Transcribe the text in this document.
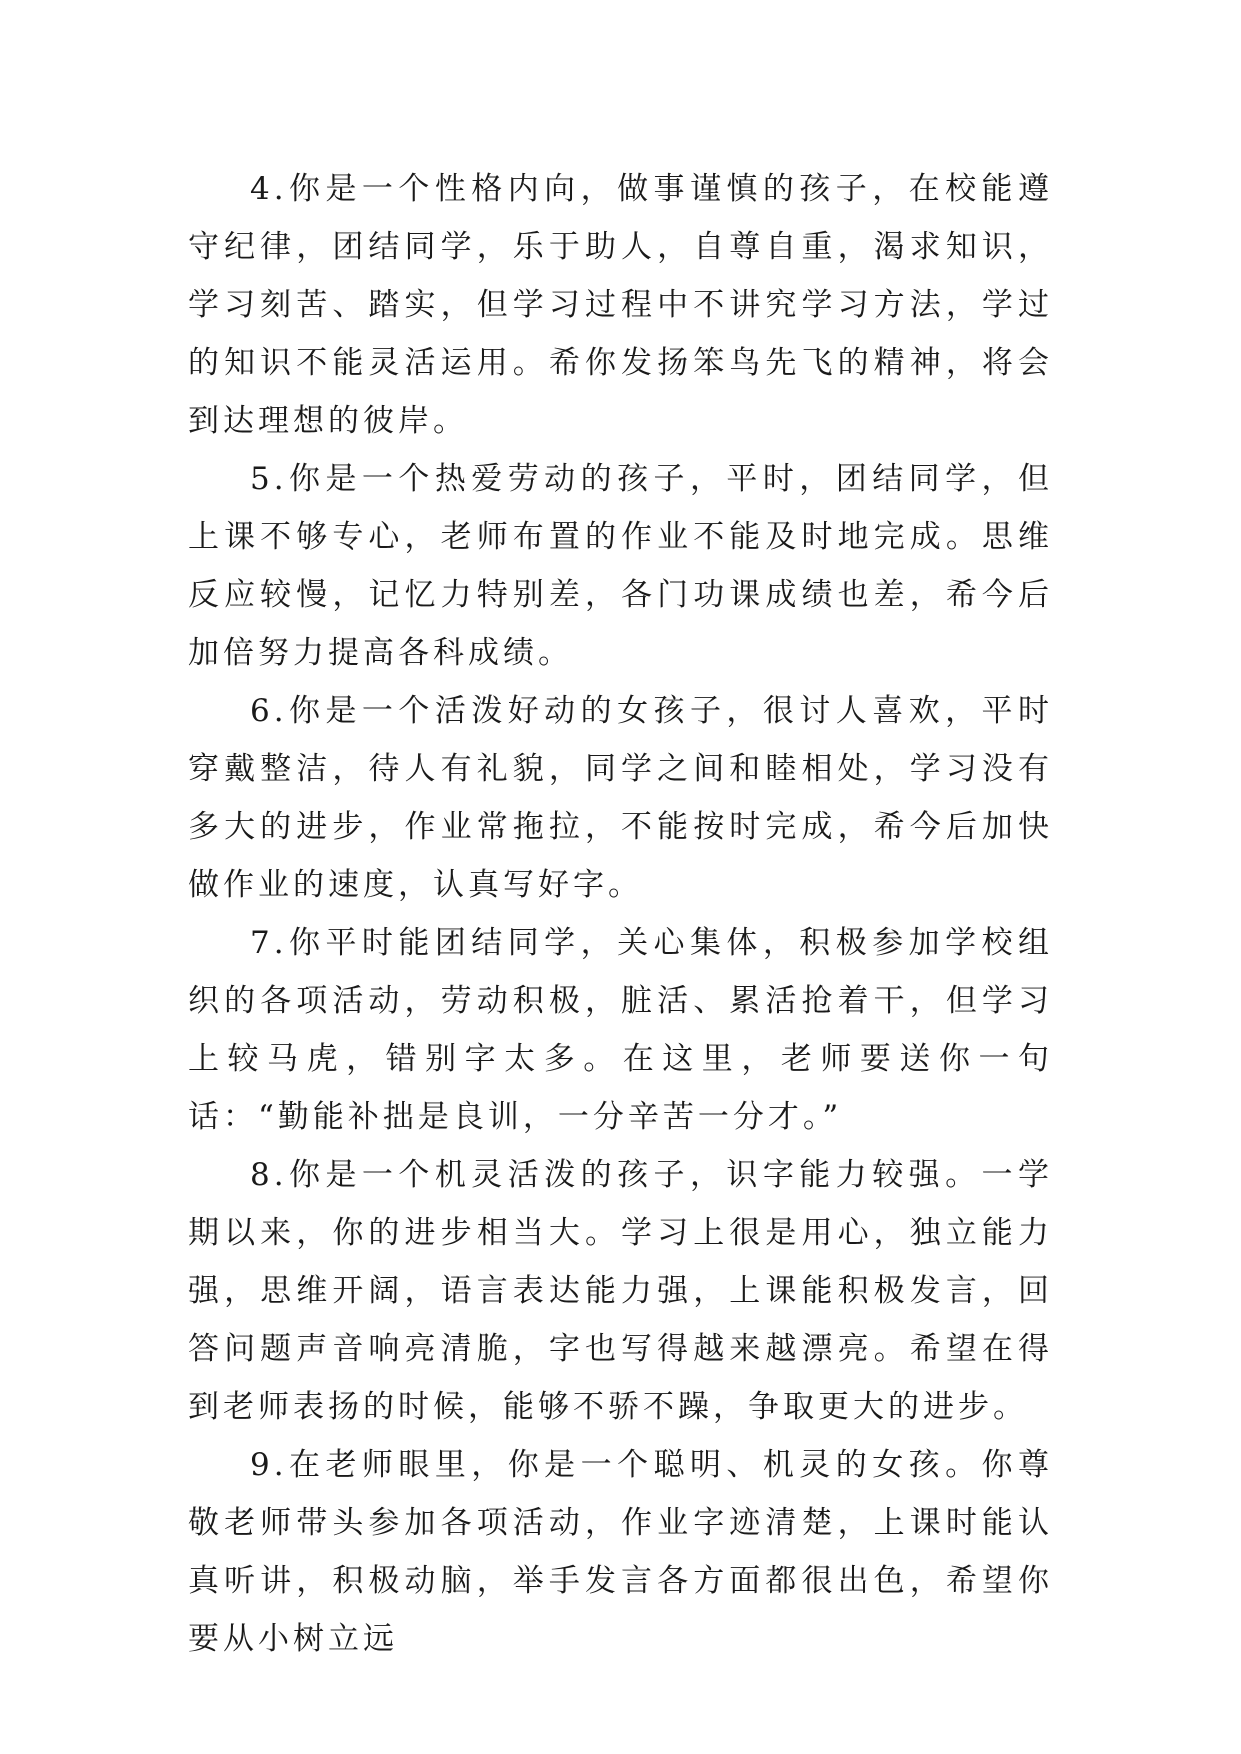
4.你是一个性格内向，做事谨慎的孩子，在校能遵守纪律，团结同学，乐于助人，自尊自重，渴求知识，学习刻苦、踏实，但学习过程中不讲究学习方法，学过的知识不能灵活运用。希你发扬笨鸟先飞的精神，将会到达理想的彼岸。

5.你是一个热爱劳动的孩子，平时，团结同学，但上课不够专心，老师布置的作业不能及时地完成。思维反应较慢，记忆力特别差，各门功课成绩也差，希今后加倍努力提高各科成绩。

6.你是一个活泼好动的女孩子，很讨人喜欢，平时穿戴整洁，待人有礼貌，同学之间和睦相处，学习没有多大的进步，作业常拖拉，不能按时完成，希今后加快做作业的速度，认真写好字。

7.你平时能团结同学，关心集体，积极参加学校组织的各项活动，劳动积极，脏活、累活抢着干，但学习上较马虎，错别字太多。在这里，老师要送你一句话：“勤能补拙是良训，一分辛苦一分才。”

8.你是一个机灵活泼的孩子，识字能力较强。一学期以来，你的进步相当大。学习上很是用心，独立能力强，思维开阔，语言表达能力强，上课能积极发言，回答问题声音响亮清脆，字也写得越来越漂亮。希望在得到老师表扬的时候，能够不骄不躁，争取更大的进步。

9.在老师眼里，你是一个聪明、机灵的女孩。你尊敬老师带头参加各项活动，作业字迹清楚，上课时能认真听讲，积极动脑，举手发言各方面都很出色，希望你要从小树立远
